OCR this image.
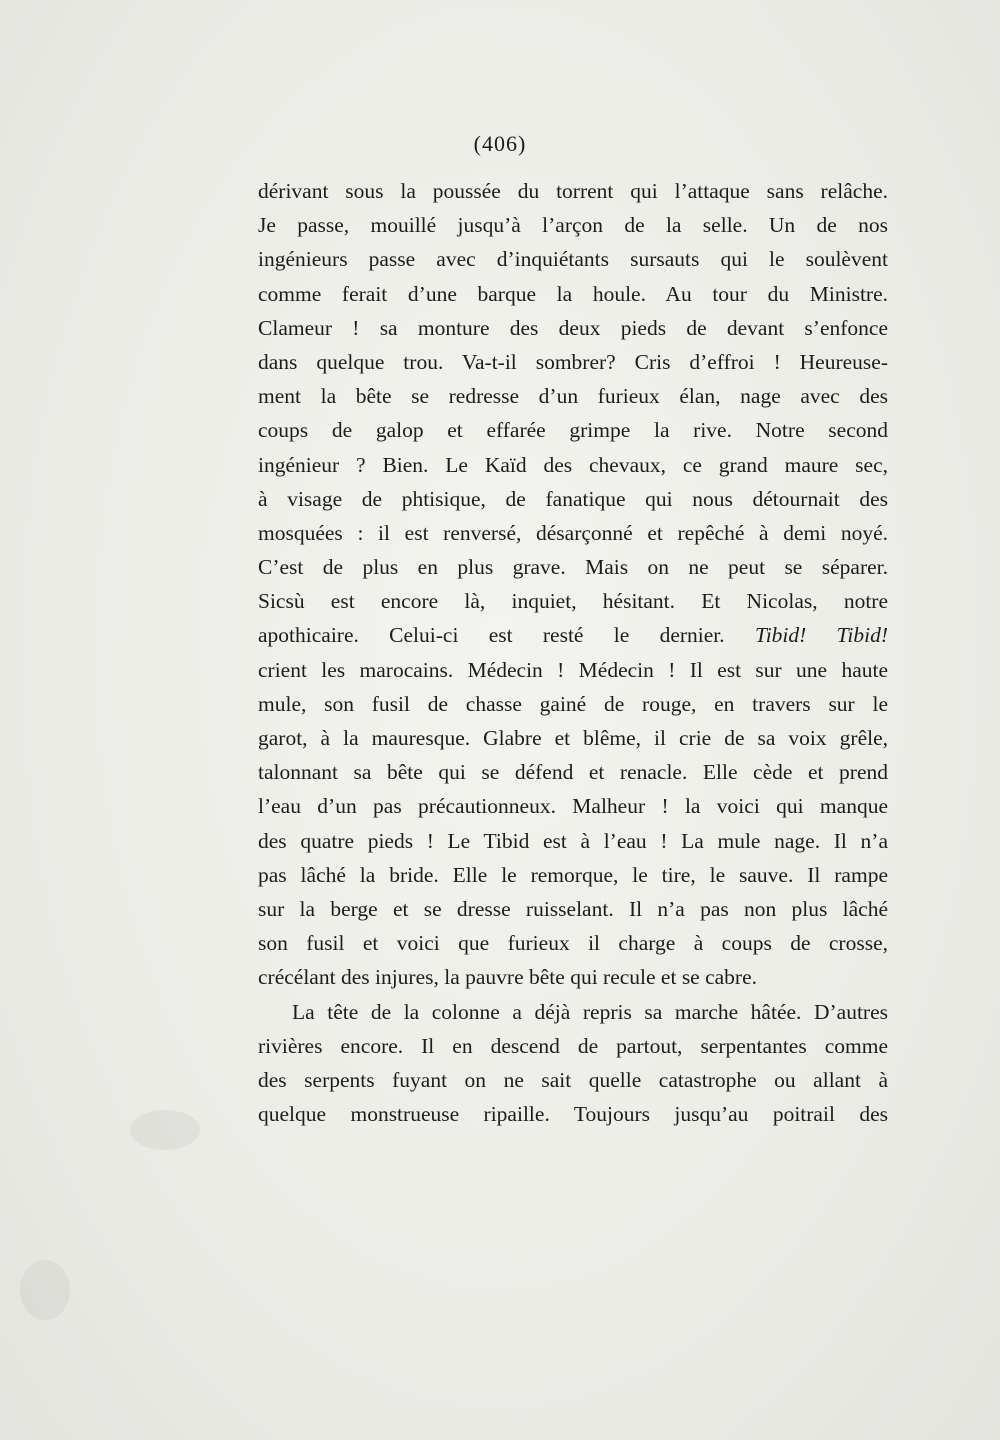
(406)
dérivant sous la poussée du torrent qui l’attaque sans relâche.
Je passe, mouillé jusqu’à l’arçon de la selle. Un de nos
ingénieurs passe avec d’inquiétants sursauts qui le soulèvent
comme ferait d’une barque la houle. Au tour du Ministre.
Clameur ! sa monture des deux pieds de devant s’enfonce
dans quelque trou. Va-t-il sombrer? Cris d’effroi ! Heureuse-
ment la bête se redresse d’un furieux élan, nage avec des
coups de galop et effarée grimpe la rive. Notre second
ingénieur ? Bien. Le Kaïd des chevaux, ce grand maure sec,
à visage de phtisique, de fanatique qui nous détournait des
mosquées : il est renversé, désarçonné et repêché à demi noyé.
C’est de plus en plus grave. Mais on ne peut se séparer.
Sicsù est encore là, inquiet, hésitant. Et Nicolas, notre
apothicaire. Celui-ci est resté le dernier. Tibid! Tibid!
crient les marocains. Médecin ! Médecin ! Il est sur une haute
mule, son fusil de chasse gainé de rouge, en travers sur le
garot, à la mauresque. Glabre et blême, il crie de sa voix grêle,
talonnant sa bête qui se défend et renacle. Elle cède et prend
l’eau d’un pas précautionneux. Malheur ! la voici qui manque
des quatre pieds ! Le Tibid est à l’eau ! La mule nage. Il n’a
pas lâché la bride. Elle le remorque, le tire, le sauve. Il rampe
sur la berge et se dresse ruisselant. Il n’a pas non plus lâché
son fusil et voici que furieux il charge à coups de crosse,
crécélant des injures, la pauvre bête qui recule et se cabre.
La tête de la colonne a déjà repris sa marche hâtée. D’autres
rivières encore. Il en descend de partout, serpentantes comme
des serpents fuyant on ne sait quelle catastrophe ou allant à
quelque monstrueuse ripaille. Toujours jusqu’au poitrail des
